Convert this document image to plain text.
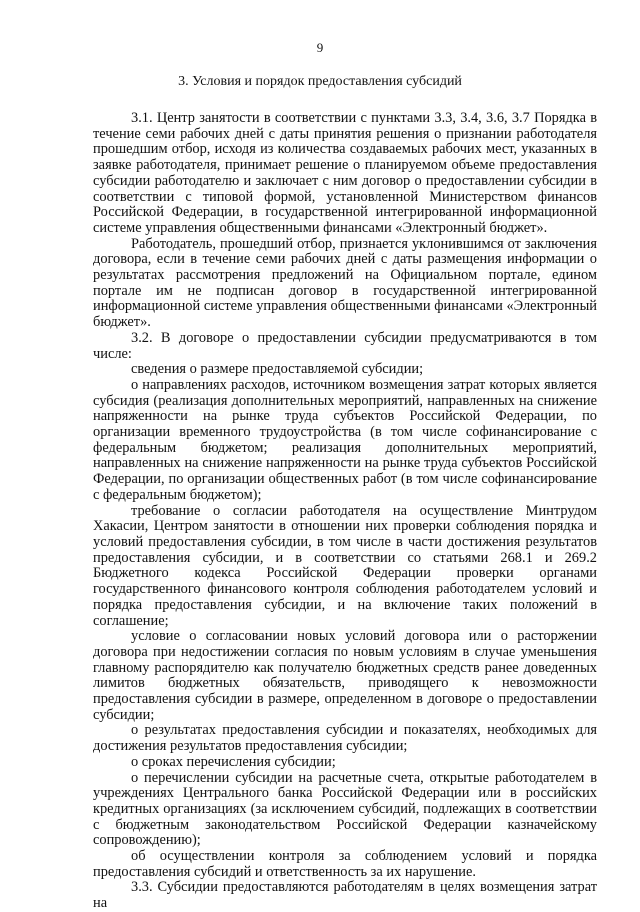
9
3. Условия и порядок предоставления субсидий

3.1. Центр занятости в соответствии с пунктами 3.3, 3.4, 3.6, 3.7 Порядка в течение семи рабочих дней с даты принятия решения о признании работодателя прошедшим отбор, исходя из количества создаваемых рабочих мест, указанных в заявке работодателя, принимает решение о планируемом объеме предоставления субсидии работодателю и заключает с ним договор о предоставлении субсидии в соответствии с типовой формой, установленной Министерством финансов Российской Федерации, в государственной интегрированной информационной системе управления общественными финансами «Электронный бюджет».

Работодатель, прошедший отбор, признается уклонившимся от заключения договора, если в течение семи рабочих дней с даты размещения информации о результатах рассмотрения предложений на Официальном портале, едином портале им не подписан договор в государственной интегрированной информационной системе управления общественными финансами «Электронный бюджет».

3.2. В договоре о предоставлении субсидии предусматриваются в том числе:

сведения о размере предоставляемой субсидии;

о направлениях расходов, источником возмещения затрат которых является субсидия (реализация дополнительных мероприятий, направленных на снижение напряженности на рынке труда субъектов Российской Федерации, по организации временного трудоустройства (в том числе софинансирование с федеральным бюджетом; реализация дополнительных мероприятий, направленных на снижение напряженности на рынке труда субъектов Российской Федерации, по организации общественных работ (в том числе софинансирование с федеральным бюджетом);

требование о согласии работодателя на осуществление Минтрудом Хакасии, Центром занятости в отношении них проверки соблюдения порядка и условий предоставления субсидии, в том числе в части достижения результатов предоставления субсидии, и в соответствии со статьями 268.1 и 269.2 Бюджетного кодекса Российской Федерации проверки органами государственного финансового контроля соблюдения работодателем условий и порядка предоставления субсидии, и на включение таких положений в соглашение;

условие о согласовании новых условий договора или о расторжении договора при недостижении согласия по новым условиям в случае уменьшения главному распорядителю как получателю бюджетных средств ранее доведенных лимитов бюджетных обязательств, приводящего к невозможности предоставления субсидии в размере, определенном в договоре о предоставлении субсидии;

о результатах предоставления субсидии и показателях, необходимых для достижения результатов предоставления субсидии;

о сроках перечисления субсидии;

о перечислении субсидии на расчетные счета, открытые работодателем в учреждениях Центрального банка Российской Федерации или в российских кредитных организациях (за исключением субсидий, подлежащих в соответствии с бюджетным законодательством Российской Федерации казначейскому сопровождению);

об осуществлении контроля за соблюдением условий и порядка предоставления субсидий и ответственность за их нарушение.

3.3. Субсидии предоставляются работодателям в целях возмещения затрат на
